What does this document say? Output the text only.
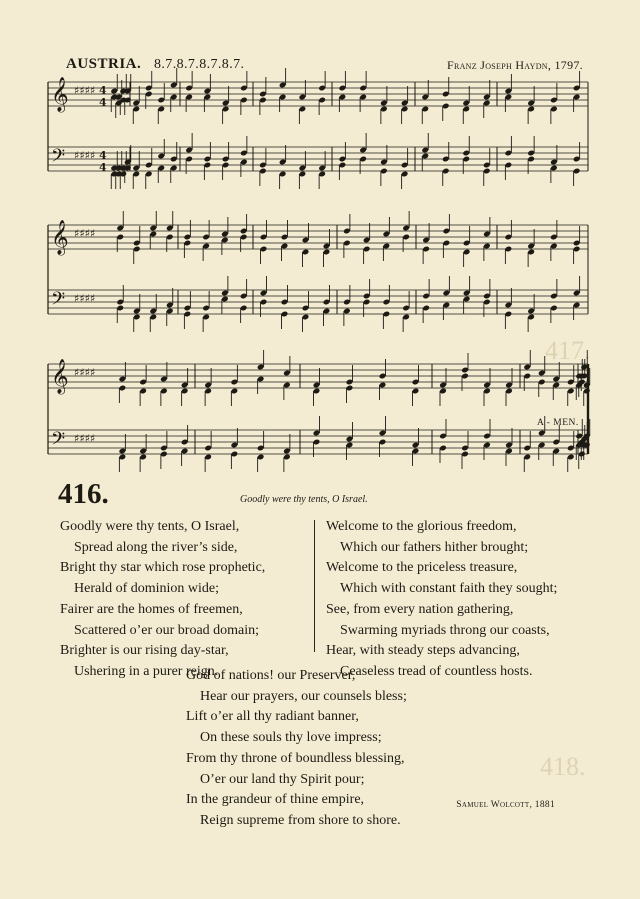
417.
418.
AUSTRIA. 8.7.8.7.8.7.8.7.	Franz Joseph Haydn, 1797.
𝄞 ♯♯♯♯ 4
4
𝄢 ♯♯♯♯ 4
4
𝄞 ♯♯♯♯
𝄢 ♯♯♯♯
𝄞 ♯♯♯♯
𝄢 ♯♯♯♯
A - MEN.
416.	Goodly were thy tents, O Israel.
Goodly were thy tents, O Israel,
Spread along the river’s side,
Bright thy star which rose prophetic,
Herald of dominion wide;
Fairer are the homes of freemen,
Scattered o’er our broad domain;
Brighter is our rising day-star,
Ushering in a purer reign.
Welcome to the glorious freedom,
Which our fathers hither brought;
Welcome to the priceless treasure,
Which with constant faith they sought;
See, from every nation gathering,
Swarming myriads throng our coasts,
Hear, with steady steps advancing,
Ceaseless tread of countless hosts.
God of nations! our Preserver,
Hear our prayers, our counsels bless;
Lift o’er all thy radiant banner,
On these souls thy love impress;
From thy throne of boundless blessing,
O’er our land thy Spirit pour;
In the grandeur of thine empire,
Reign supreme from shore to shore.
Samuel Wolcott, 1881
